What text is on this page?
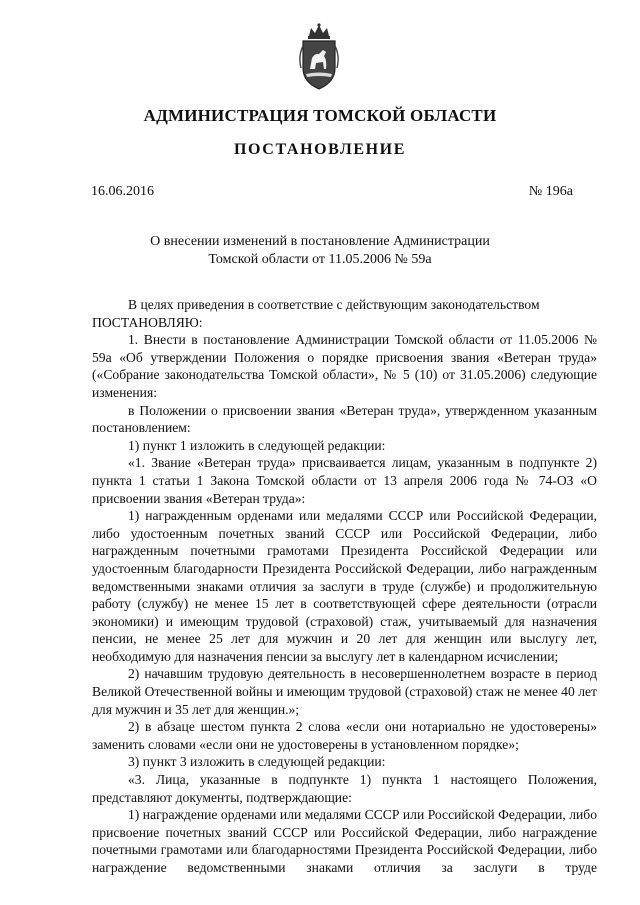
АДМИНИСТРАЦИЯ ТОМСКОЙ ОБЛАСТИ
ПОСТАНОВЛЕНИЕ
16.06.2016	№ 196а
О внесении изменений в постановление Администрации
Томской области от 11.05.2006 № 59а

В целях приведения в соответствие с действующим законодательством

ПОСТАНОВЛЯЮ:

1. Внести в постановление Администрации Томской области от 11.05.2006 № 59а «Об утверждении Положения о порядке присвоения звания «Ветеран труда» («Собрание законодательства Томской области», № 5 (10) от 31.05.2006) следующие изменения:

в Положении о присвоении звания «Ветеран труда», утвержденном указанным постановлением:

1) пункт 1 изложить в следующей редакции:

«1. Звание «Ветеран труда» присваивается лицам, указанным в подпункте 2) пункта 1 статьи 1 Закона Томской области от 13 апреля 2006 года № 74-ОЗ «О присвоении звания «Ветеран труда»:

1) награжденным орденами или медалями СССР или Российской Федерации, либо удостоенным почетных званий СССР или Российской Федерации, либо награжденным почетными грамотами Президента Российской Федерации или удостоенным благодарности Президента Российской Федерации, либо награжденным ведомственными знаками отличия за заслуги в труде (службе) и продолжительную работу (службу) не менее 15 лет в соответствующей сфере деятельности (отрасли экономики) и имеющим трудовой (страховой) стаж, учитываемый для назначения пенсии, не менее 25 лет для мужчин и 20 лет для женщин или выслугу лет, необходимую для назначения пенсии за выслугу лет в календарном исчислении;

2) начавшим трудовую деятельность в несовершеннолетнем возрасте в период Великой Отечественной войны и имеющим трудовой (страховой) стаж не менее 40 лет для мужчин и 35 лет для женщин.»;

2) в абзаце шестом пункта 2 слова «если они нотариально не удостоверены» заменить словами «если они не удостоверены в установленном порядке»;

3) пункт 3 изложить в следующей редакции:

«3. Лица, указанные в подпункте 1) пункта 1 настоящего Положения, представляют документы, подтверждающие:

1) награждение орденами или медалями СССР или Российской Федерации, либо присвоение почетных званий СССР или Российской Федерации, либо награждение почетными грамотами или благодарностями Президента Российской Федерации, либо награждение ведомственными знаками отличия за заслуги в труде
